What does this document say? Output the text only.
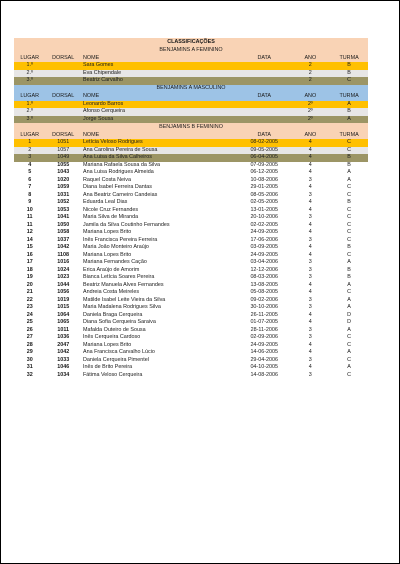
CLASSIFICAÇÕES					
BENJAMINS A FEMININO					
LUGAR	DORSAL	NOME	DATA	ANO	TURMA
1.º		Sara Gomes		2	B
2.º		Eva Chipendale		2	B
3.º		Beatriz Carvalho		2	C
BENJAMINS A MASCULINO					
LUGAR	DORSAL	NOME	DATA	ANO	TURMA
1.º		Leonardo Barros		2º	A
2.º		Afonso Cerqueira		2º	B
3.º		Jorge Sousa		2º	A
BENJAMINS B FEMININO					
LUGAR	DORSAL	NOME	DATA	ANO	TURMA
1	1051	Letícia Veloso Rodrigues	08-02-2005	4	C
2	1057	Ana Carolina Pereira de Sousa	09-05-2005	4	C
3	1049	Ana Luisa da Silva Calheiros	06-04-2005	4	B
4	1055	Mariana Rafaela Sousa da Silva	07-09-2005	4	B
5	1043	Ana Luisa Rodrigues Almeida	06-12-2005	4	A
6	1020	Raquel Costa Neiva	10-08-2006	3	A
7	1059	Diana Isabel Ferreira Dantas	29-01-2005	4	C
8	1031	Ana Beatriz Carneiro Candeias	08-05-2006	3	C
9	1052	Eduarda Leal Dias	02-05-2005	4	B
10	1053	Nicole Cruz Fernandes	13-01-2005	4	C
11	1041	Maria Silva de Miranda	20-10-2006	3	C
11	1050	Jamila da Silva Coutinho Fernandes	02-02-2005	4	C
12	1058	Mariana Lopes Brito	24-09-2005	4	C
14	1037	Inês Francisca Pereira Ferreira	17-06-2006	3	C
15	1042	Maria João Monteiro Araújo	03-09-2005	4	B
16	1108	Mariana Lopes Brito	24-09-2005	4	C
17	1016	Mariana Fernandes Cação	03-04-2006	3	A
18	1024	Érica Araújo de Amorim	12-12-2006	3	B
19	1023	Bianca Letícia Soares Pereira	08-03-2006	3	B
20	1044	Beatriz Manuela Alves Fernandes	13-08-2005	4	A
21	1056	Andreia Costa Meireles	05-08-2005	4	C
22	1019	Matilde Isabel Leite Vieira da Silva	09-02-2006	3	A
23	1015	Maria Madalena Rodrigues Silva	30-10-2006	3	A
24	1064	Daniela Braga Cerqueira	26-11-2005	4	D
25	1065	Diana Sofia Cerqueira Saraiva	01-07-2005	4	D
26	1011	Mafalda Outeiro de Sousa	28-11-2006	3	A
27	1036	Inês Cerqueira Cardoso	02-09-2006	3	C
28	2047	Mariana Lopes Brito	24-09-2005	4	C
29	1042	Ana Francisca Carvalho Lúcio	14-06-2005	4	A
30	1033	Daniela Cerqueira Pimentel	29-04-2006	3	C
31	1046	Inês de Brito Pereira	04-10-2005	4	A
32	1034	Fátima Veloso Cerqueira	14-08-2006	3	C
